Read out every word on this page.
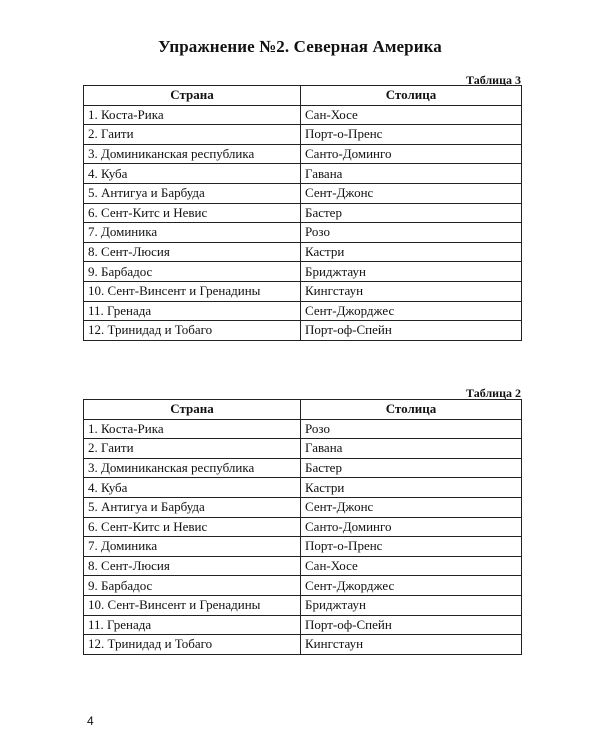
Упражнение №2. Северная Америка
Таблица 3
Страна	Столица
1. Коста-Рика	Сан-Хосе
2. Гаити	Порт-о-Пренс
3. Доминиканская республика	Санто-Доминго
4. Куба	Гавана
5. Антигуа и Барбуда	Сент-Джонс
6. Сент-Китс и Невис	Бастер
7. Доминика	Розо
8. Сент-Люсия	Кастри
9. Барбадос	Бриджтаун
10. Сент-Винсент и Гренадины	Кингстаун
11. Гренада	Сент-Джорджес
12. Тринидад и Тобаго	Порт-оф-Спейн
Таблица 2
Страна	Столица
1. Коста-Рика	Розо
2. Гаити	Гавана
3. Доминиканская республика	Бастер
4. Куба	Кастри
5. Антигуа и Барбуда	Сент-Джонс
6. Сент-Китс и Невис	Санто-Доминго
7. Доминика	Порт-о-Пренс
8. Сент-Люсия	Сан-Хосе
9. Барбадос	Сент-Джорджес
10. Сент-Винсент и Гренадины	Бриджтаун
11. Гренада	Порт-оф-Спейн
12. Тринидад и Тобаго	Кингстаун
4
